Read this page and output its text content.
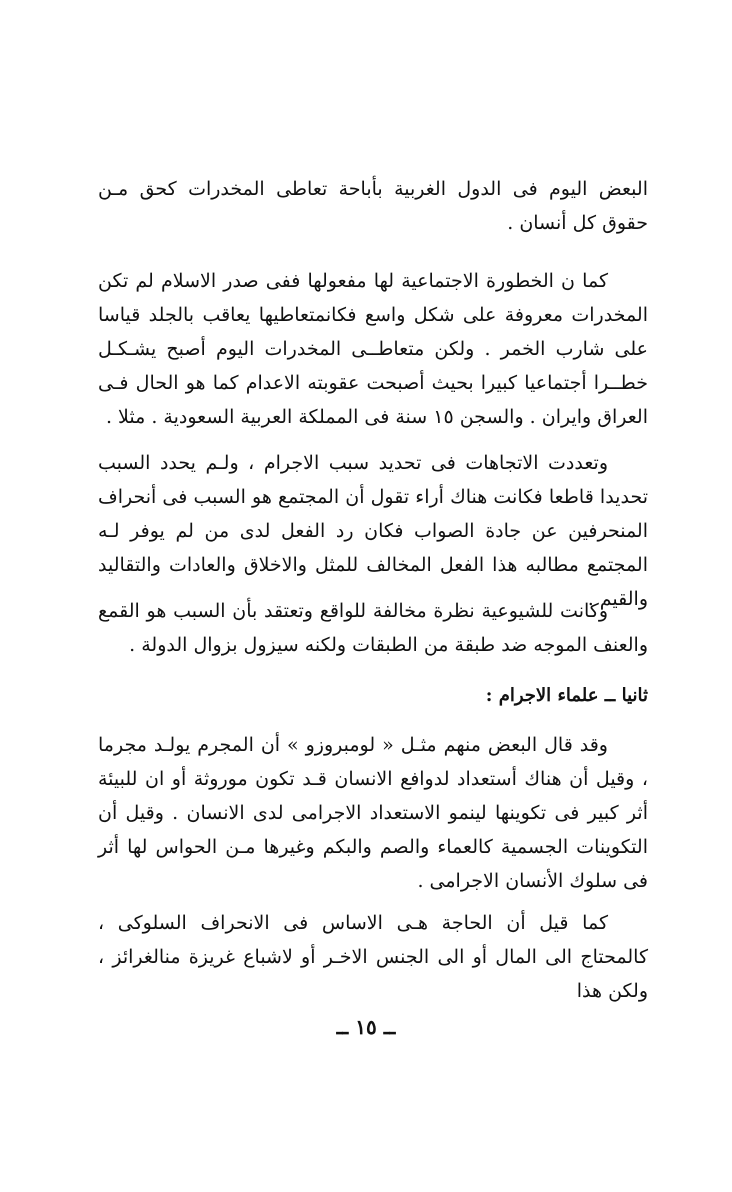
البعض اليوم فى الدول الغربية بأباحة تعاطى المخدرات كحق مـن حقوق كل أنسان .

كما ن الخطورة الاجتماعية لها مفعولها ففى صدر الاسلام لم تكن المخدرات معروفة على شكل واسع فكانمتعاطيها يعاقب بالجلد قياسا على شارب الخمر . ولكن متعاطــى المخدرات اليوم أصبح يشـكـل خطــرا أجتماعيا كبيرا بحيث أصبحت عقوبته الاعدام كما هو الحال فـى العراق وايران . والسجن ١٥ سنة فى المملكة العربية السعودية . مثلا .

وتعددت الاتجاهات فى تحديد سبب الاجرام ، ولـم يحدد السبب تحديدا قاطعا فكانت هناك أراء تقول أن المجتمع هو السبب فى أنحراف المنحرفين عن جادة الصواب فكان رد الفعل لدى من لم يوفر لـه المجتمع مطالبه هذا الفعل المخالف للمثل والاخلاق والعادات والتقاليد والقيم .

وكانت للشيوعية نظرة مخالفة للواقع وتعتقد بأن السبب هو القمع والعنف الموجه ضد طبقة من الطبقات ولكنه سيزول بزوال الدولة .

ثانيا ــ علماء الاجرام :

وقد قال البعض منهم مثـل « لومبروزو » أن المجرم يولـد مجرما ، وقيل أن هناك أستعداد لدوافع الانسان قـد تكون موروثة أو ان للبيئة أثر كبير فى تكوينها لينمو الاستعداد الاجرامى لدى الانسان . وقيل أن التكوينات الجسمية كالعماء والصم والبكم وغيرها مـن الحواس لها أثر فى سلوك الأنسان الاجرامى .

كما قيل أن الحاجة هـى الاساس فى الانحراف السلوكى ، كالمحتاج الى المال أو الى الجنس الاخـر أو لاشباع غريزة منالغرائز ، ولكن هذا

ــ ١٥ ــ
